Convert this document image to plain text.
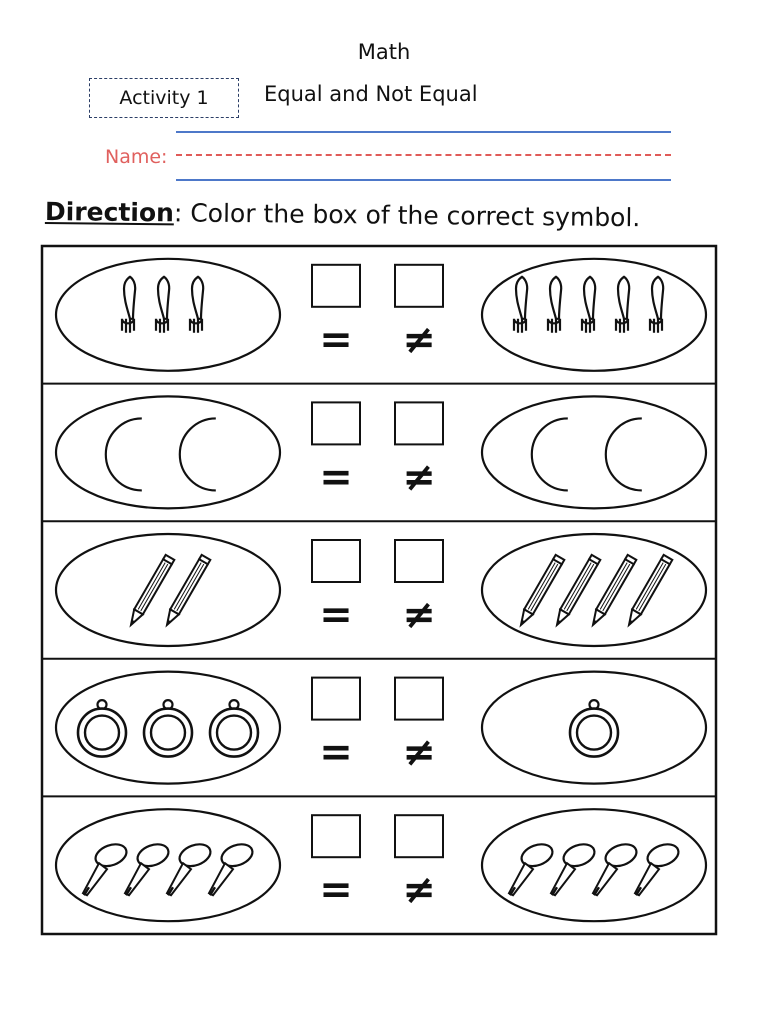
Math
Activity 1	Equal and Not Equal
Name:
Direction: Color the box of the correct symbol.
= ≠
= ≠
= ≠
= ≠
= ≠
